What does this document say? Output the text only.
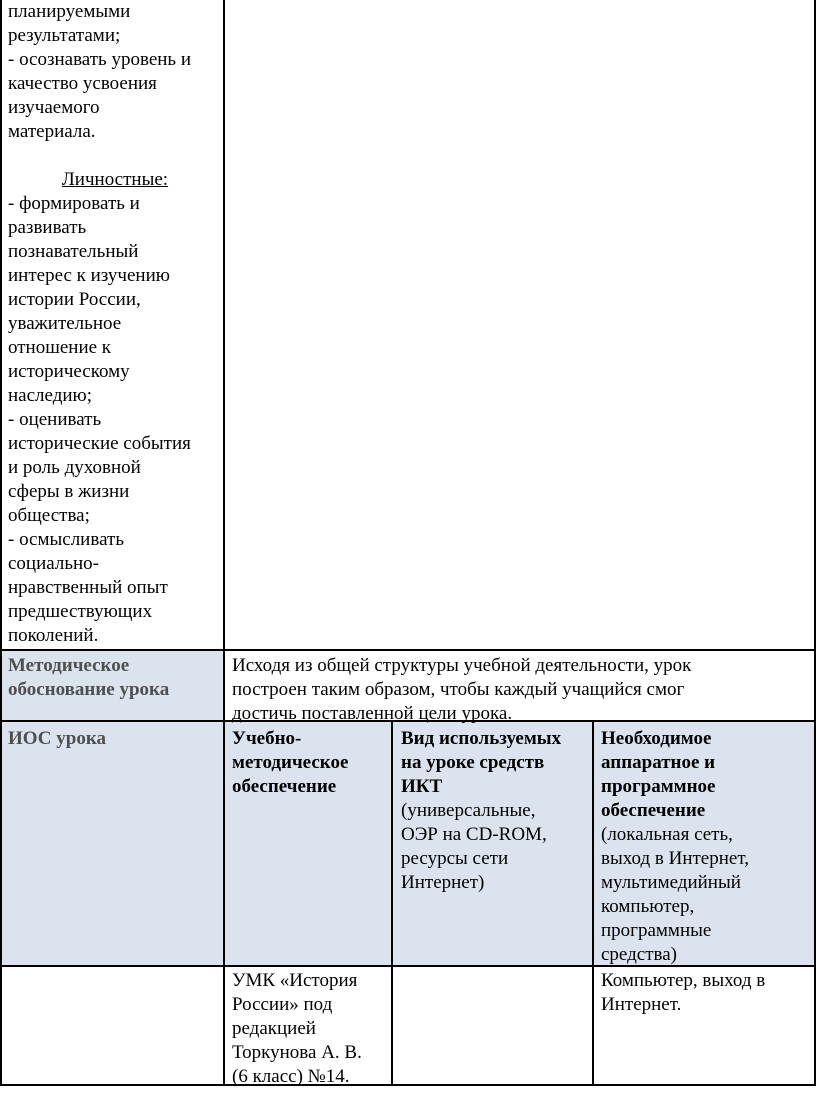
планируемыми
результатами;
- осознавать уровень и
качество усвоения
изучаемого
материала.
Личностные:
- формировать и
развивать
познавательный
интерес к изучению
истории России,
уважительное
отношение к
историческому
наследию;
- оценивать
исторические события
и роль духовной
сферы в жизни
общества;
- осмысливать
социально-
нравственный опыт
предшествующих
поколений.
Методическое
обоснование урока
Исходя из общей структуры учебной деятельности, урок
построен таким образом, чтобы каждый учащийся смог
достичь поставленной цели урока.
ИОС урока	Учебно-
методическое
обеспечение
Вид используемых
на уроке средств
ИКТ
(универсальные,
ОЭР на CD-ROM,
ресурсы сети
Интернет)
Необходимое
аппаратное и
программное
обеспечение
(локальная сеть,
выход в Интернет,
мультимедийный
компьютер,
программные
средства)
УМК «История
России» под
редакцией
Торкунова А. В.
(6 класс) №14.
Компьютер, выход в
Интернет.
